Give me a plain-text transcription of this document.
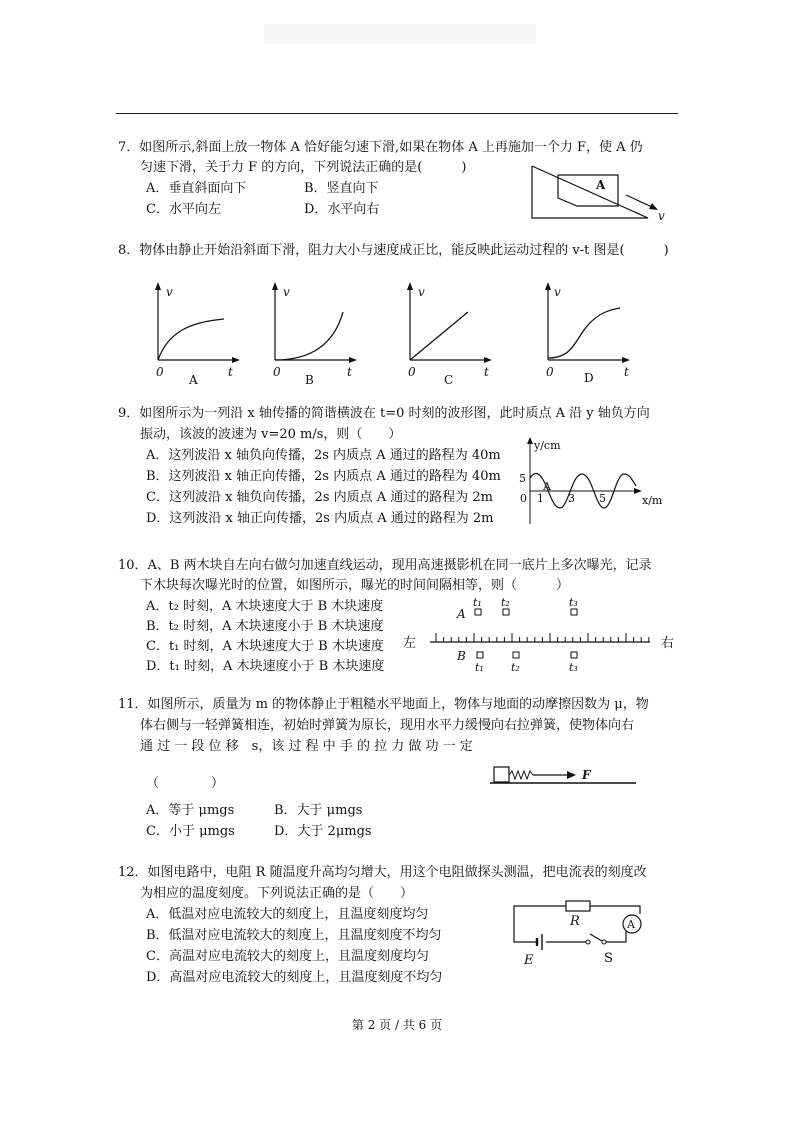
7．如图所示,斜面上放一物体 A 恰好能匀速下滑,如果在物体 A 上再施加一个力 F，使 A 仍
匀速下滑，关于力 F 的方向，下列说法正确的是(　　　)
A．垂直斜面向下	B．竖直向下
C．水平向左	D．水平向右
A
v
8．物体由静止开始沿斜面下滑，阻力大小与速度成正比，能反映此运动过程的 v-t 图是(　　　)
v
0	t
A
v
0	t
B
v
0	t
C
v
0	t
D
9．如图所示为一列沿 x 轴传播的简谐横波在 t=0 时刻的波形图，此时质点 A 沿 y 轴负方向
振动，该波的波速为 v=20 m/s，则（　　）
A．这列波沿 x 轴负向传播，2s 内质点 A 通过的路程为 40m
B．这列波沿 x 轴正向传播，2s 内质点 A 通过的路程为 40m
C．这列波沿 x 轴负向传播，2s 内质点 A 通过的路程为 2m
D．这列波沿 x 轴正向传播，2s 内质点 A 通过的路程为 2m
y/cm
x/m
5
0 1 3 5
A
10．A、B 两木块自左向右做匀加速直线运动，现用高速摄影机在同一底片上多次曝光，记录
下木块每次曝光时的位置，如图所示，曝光的时间间隔相等，则（　　　）
A．t₂ 时刻，A 木块速度大于 B 木块速度
B．t₂ 时刻，A 木块速度小于 B 木块速度
C．t₁ 时刻，A 木块速度大于 B 木块速度
D．t₁ 时刻，A 木块速度小于 B 木块速度
左	右
A
B
t₁ t₂	t₃
t₁ t₂	t₃
11．如图所示，质量为 m 的物体静止于粗糙水平地面上，物体与地面的动摩擦因数为 μ，物
体右侧与一轻弹簧相连，初始时弹簧为原长，现用水平力缓慢向右拉弹簧，使物体向右
通 过 一 段 位 移　s，该 过 程 中 手 的 拉 力 做 功 一 定
（　　　　）
A．等于 μmgs	B．大于 μmgs
C．小于 μmgs	D．大于 2μmgs
F
12．如图电路中，电阻 R 随温度升高均匀增大，用这个电阻做探头测温，把电流表的刻度改
为相应的温度刻度。下列说法正确的是（　　）
A．低温对应电流较大的刻度上，且温度刻度均匀
B．低温对应电流较大的刻度上，且温度刻度不均匀
C．高温对应电流较大的刻度上，且温度刻度均匀
D．高温对应电流较大的刻度上，且温度刻度不均匀
R	A
E	S
第 2 页 / 共 6 页
